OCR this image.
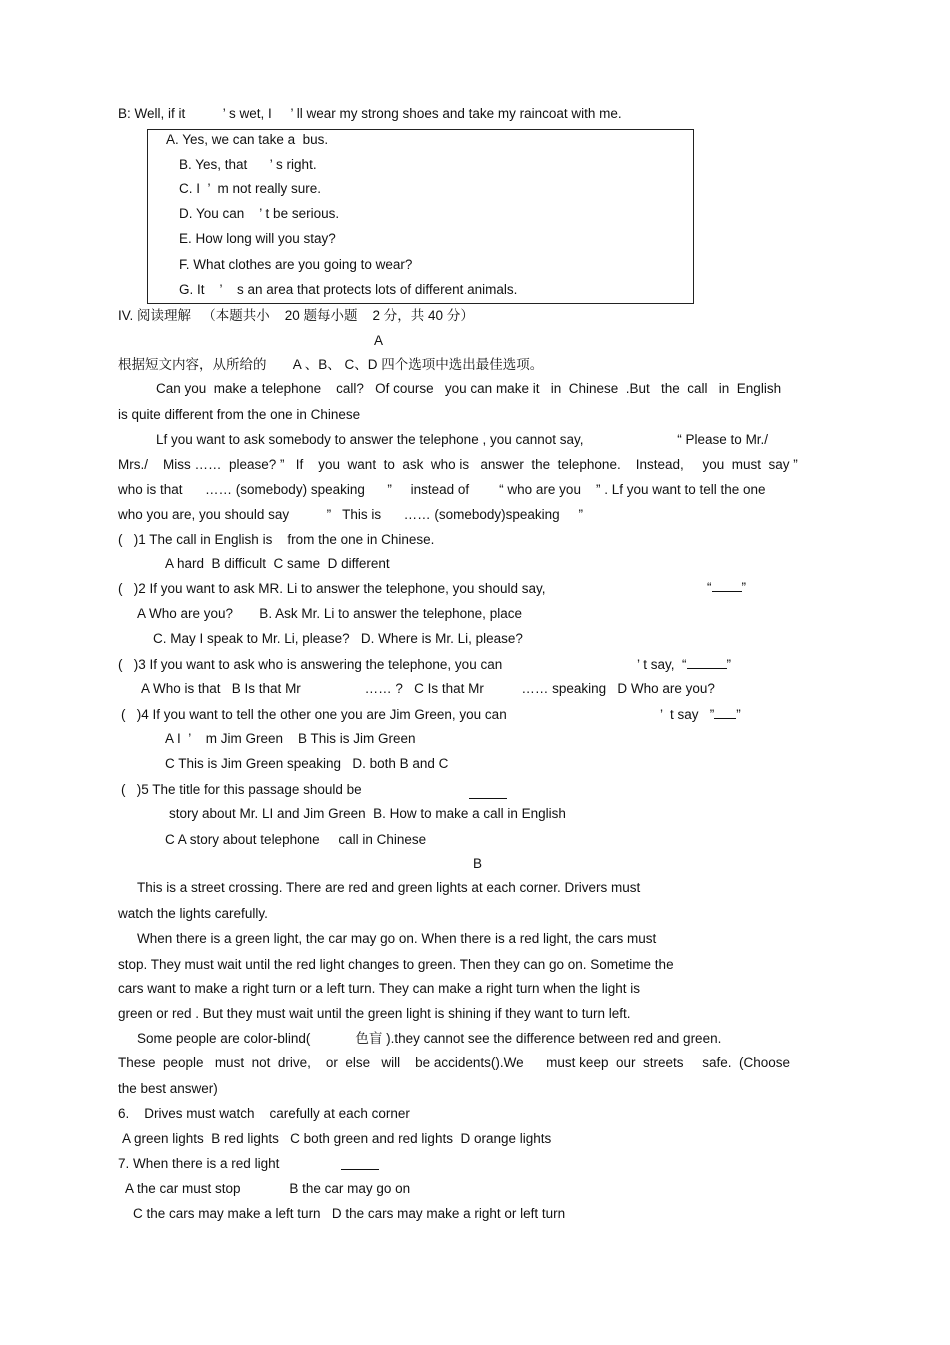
B: Well, if it          ’ s wet, I     ’ ll wear my strong shoes and take my raincoat with me.
A. Yes, we can take a  bus.
B. Yes, that      ’ s right.
C. I  ’  m not really sure.
D. You can    ’ t be serious.
E. How long will you stay?
F. What clothes are you going to wear?
G. It    ’    s an area that protects lots of different animals.
IV. 阅读理解   （本题共小    20 题每小题    2 分，共 40 分）
A
根据短文内容，从所给的       A 、B、 C、D 四个选项中选出最佳选项。
Can you  make a telephone    call?   Of course   you can make it   in  Chinese  .But   the  call   in  English
is quite different from the one in Chinese
Lf you want to ask somebody to answer the telephone , you cannot say,                         “ Please to Mr./
Mrs./    Miss ……  please? ”   If    you  want  to  ask  who is   answer  the  telephone.    Instead,     you  must  say ”
who is that      …… (somebody) speaking      ”     instead of        “ who are you    ” . Lf you want to tell the one
who you are, you should say          ”   This is      …… (somebody)speaking     ”
(   )1 The call in English is    from the one in Chinese.
A hard  B difficult  C same  D different
(   )2 If you want to ask MR. Li to answer the telephone, you should say,	“ ”
A Who are you?       B. Ask Mr. Li to answer the telephone, place
C. May I speak to Mr. Li, please?   D. Where is Mr. Li, please?
(   )3 If you want to ask who is answering the telephone, you can	’ t say, “	”
A Who is that   B Is that Mr                 …… ?   C Is that Mr          …… speaking   D Who are you?
(   )4 If you want to tell the other one you are Jim Green, you can	’  t say   ” ”
A I  ’    m Jim Green    B This is Jim Green
C This is Jim Green speaking   D. both B and C
(   )5 The title for this passage should be
story about Mr. LI and Jim Green  B. How to make a call in English
C A story about telephone     call in Chinese
B
This is a street crossing. There are red and green lights at each corner. Drivers must
watch the lights carefully.
When there is a green light, the car may go on. When there is a red light, the cars must
stop. They must wait until the red light changes to green. Then they can go on. Sometime the
cars want to make a right turn or a left turn. They can make a right turn when the light is
green or red . But they must wait until the green light is shining if they want to turn left.
Some people are color-blind(            色盲 ).they cannot see the difference between red and green.
These  people   must  not  drive,    or  else   will    be accidents().We      must keep  our  streets     safe.  (Choose
the best answer)
6.    Drives must watch    carefully at each corner
A green lights  B red lights   C both green and red lights  D orange lights
7. When there is a red light
A the car must stop             B the car may go on
C the cars may make a left turn   D the cars may make a right or left turn
